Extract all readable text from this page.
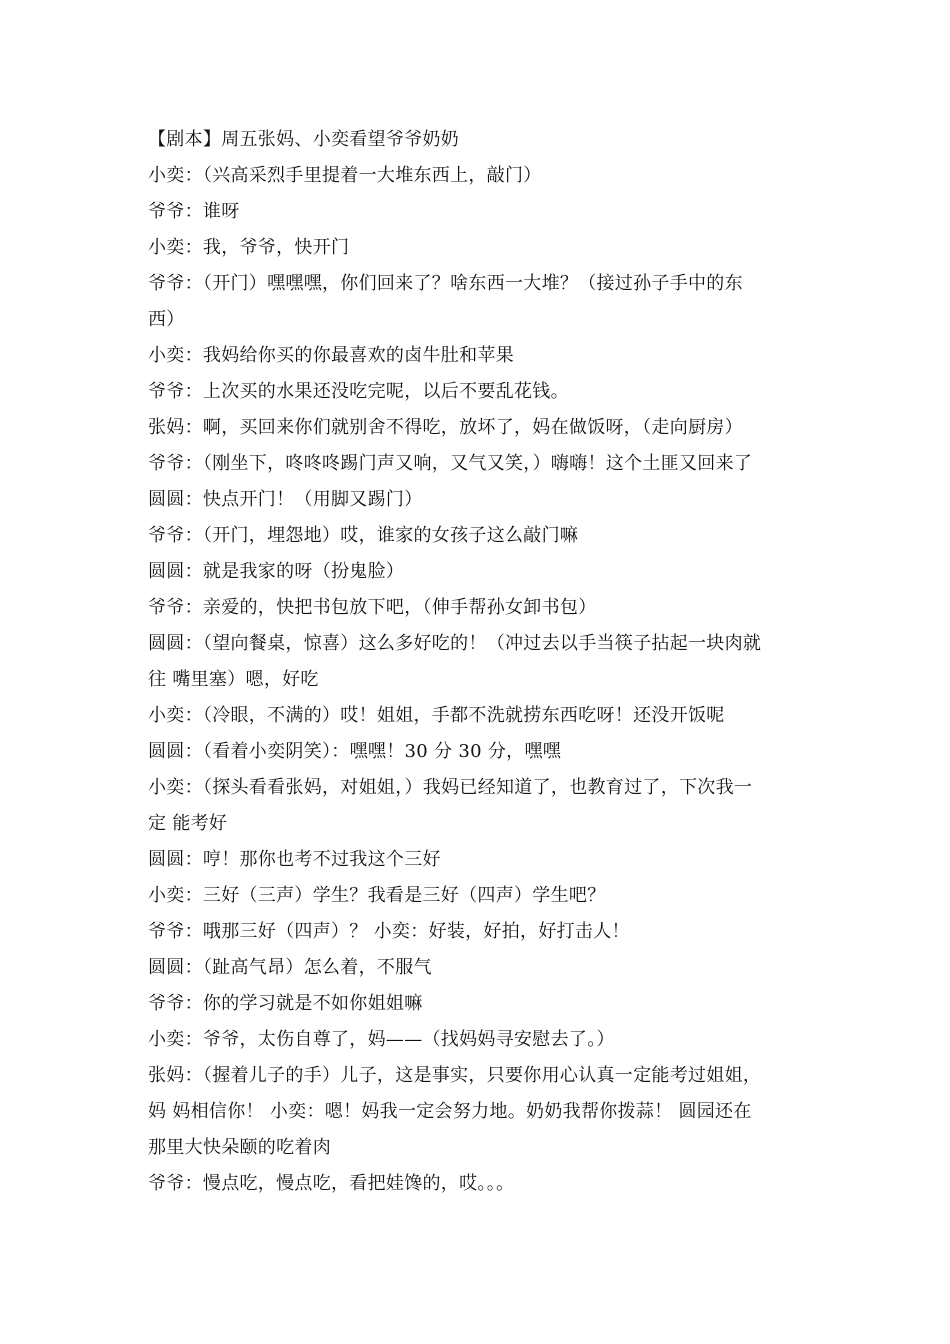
【剧本】周五张妈、小奕看望爷爷奶奶
小奕：（兴高采烈手里提着一大堆东西上，敲门）
爷爷：谁呀
小奕：我，爷爷，快开门
爷爷：（开门）嘿嘿嘿，你们回来了？啥东西一大堆？（接过孙子手中的东
西）
小奕：我妈给你买的你最喜欢的卤牛肚和苹果
爷爷：上次买的水果还没吃完呢，以后不要乱花钱。
张妈：啊，买回来你们就别舍不得吃，放坏了，妈在做饭呀，（走向厨房）
爷爷：（刚坐下，咚咚咚踢门声又响，又气又笑，）嗨嗨！这个土匪又回来了
圆圆：快点开门！（用脚又踢门）
爷爷：（开门，埋怨地）哎，谁家的女孩子这么敲门嘛
圆圆：就是我家的呀（扮鬼脸）
爷爷：亲爱的，快把书包放下吧，（伸手帮孙女卸书包）
圆圆：（望向餐桌，惊喜）这么多好吃的！（冲过去以手当筷子拈起一块肉就
往 嘴里塞）嗯，好吃
小奕：（冷眼，不满的）哎！姐姐，手都不洗就捞东西吃呀！还没开饭呢
圆圆：（看着小奕阴笑）：嘿嘿！30 分 30 分，嘿嘿
小奕：（探头看看张妈，对姐姐，）我妈已经知道了，也教育过了，下次我一
定 能考好
圆圆：哼！那你也考不过我这个三好
小奕：三好（三声）学生？我看是三好（四声）学生吧？
爷爷：哦那三好（四声）？ 小奕：好装，好拍，好打击人！
圆圆：（趾高气昂）怎么着，不服气
爷爷：你的学习就是不如你姐姐嘛
小奕：爷爷，太伤自尊了，妈——（找妈妈寻安慰去了。）
张妈：（握着儿子的手）儿子，这是事实，只要你用心认真一定能考过姐姐，
妈 妈相信你！ 小奕：嗯！妈我一定会努力地。奶奶我帮你拨蒜！ 圆园还在
那里大快朵颐的吃着肉
爷爷：慢点吃，慢点吃，看把娃馋的，哎。。。
